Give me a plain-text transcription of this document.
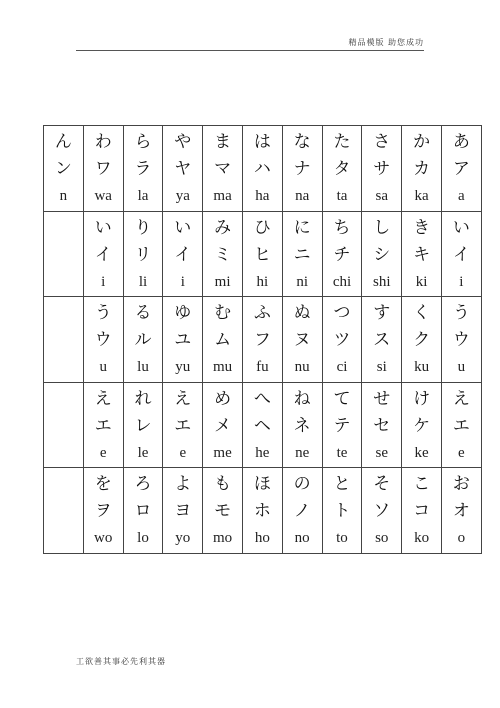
精品模版 助您成功
ん
ン
n	わ
ワ
wa	ら
ラ
la	や
ヤ
ya	ま
マ
ma	は
ハ
ha	な
ナ
na	た
タ
ta	さ
サ
sa	か
カ
ka	あ
ア
a

	い
イ
i	り
リ
li	い
イ
i	み
ミ
mi	ひ
ヒ
hi	に
ニ
ni	ち
チ
chi	し
シ
shi	き
キ
ki	い
イ
i

	う
ウ
u	る
ル
lu	ゆ
ユ
yu	む
ム
mu	ふ
フ
fu	ぬ
ヌ
nu	つ
ツ
ci	す
ス
si	く
ク
ku	う
ウ
u

	え
エ
e	れ
レ
le	え
エ
e	め
メ
me	へ
ヘ
he	ね
ネ
ne	て
テ
te	せ
セ
se	け
ケ
ke	え
エ
e

	を
ヲ
wo	ろ
ロ
lo	よ
ヨ
yo	も
モ
mo	ほ
ホ
ho	の
ノ
no	と
ト
to	そ
ソ
so	こ
コ
ko	お
オ
o
工欲善其事必先利其器
